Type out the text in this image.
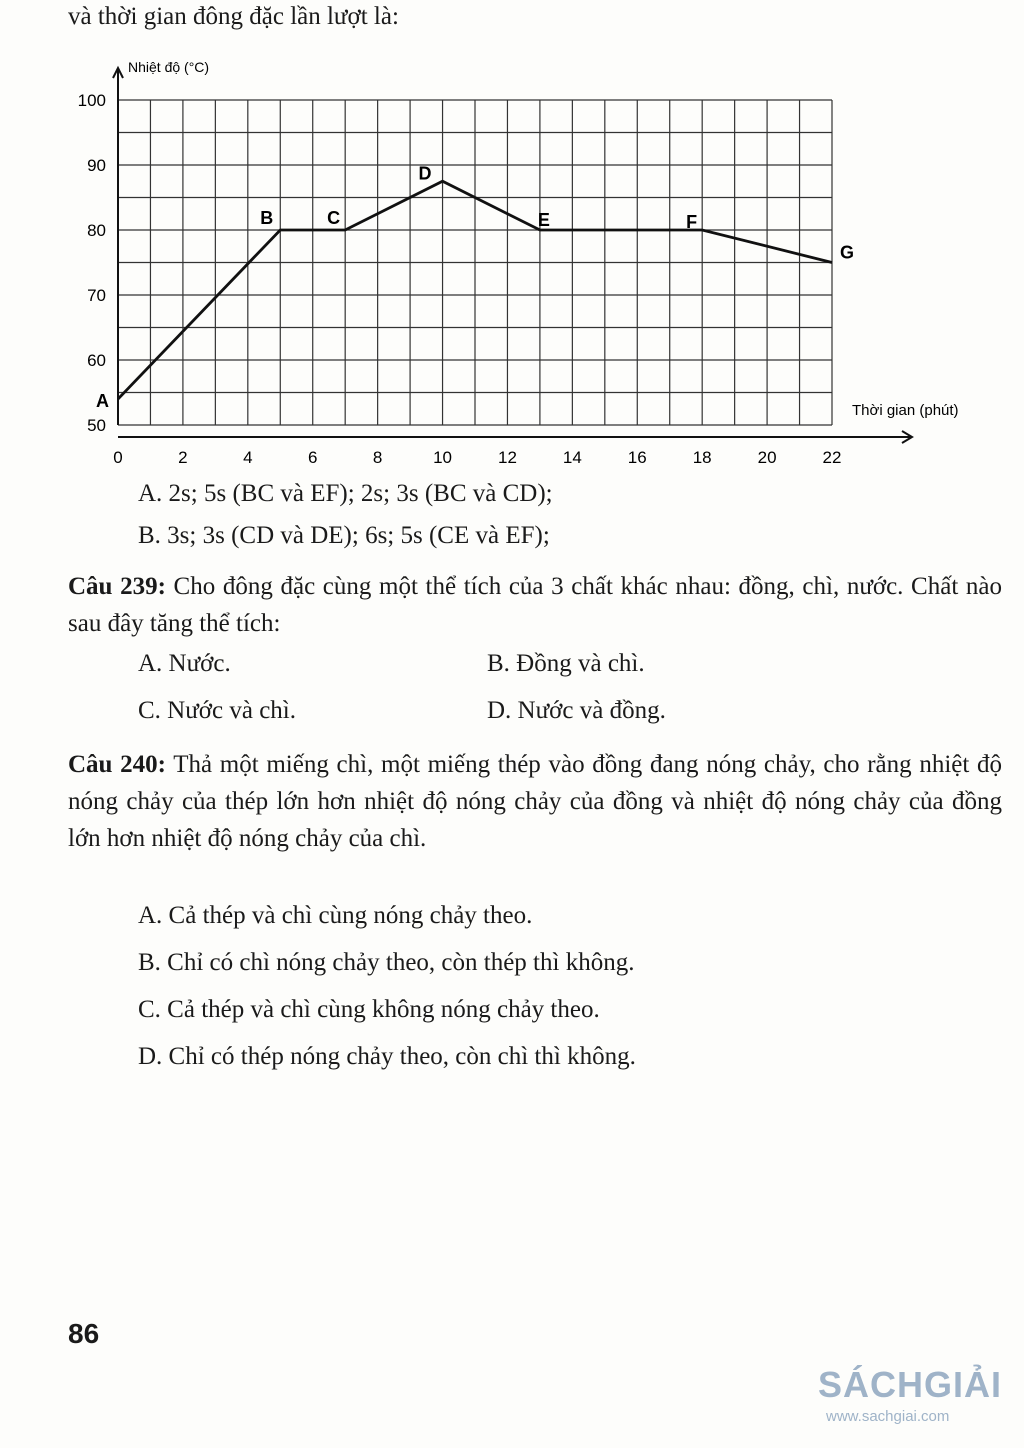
và thời gian đông đặc lần lượt là:
0	2	4	6	8	10	12	14	16	18	20	22
50
60
70
80
90
100
A
B	C
D
E	F
G
Nhiệt độ (°C)
Thời gian (phút)
A. 2s; 5s (BC và EF); 2s; 3s (BC và CD);
B. 3s; 3s (CD và DE); 6s; 5s (CE và EF);
Câu 239: Cho đông đặc cùng một thể tích của 3 chất khác nhau: đồng, chì, nước. Chất nào sau đây tăng thể tích:
A. Nước.	B. Đồng và chì.
C. Nước và chì.	D. Nước và đồng.
Câu 240: Thả một miếng chì, một miếng thép vào đồng đang nóng chảy, cho rằng nhiệt độ nóng chảy của thép lớn hơn nhiệt độ nóng chảy của đồng và nhiệt độ nóng chảy của đồng lớn hơn nhiệt độ nóng chảy của chì.
A. Cả thép và chì cùng nóng chảy theo.
B. Chỉ có chì nóng chảy theo, còn thép thì không.
C. Cả thép và chì cùng không nóng chảy theo.
D. Chỉ có thép nóng chảy theo, còn chì thì không.
86
SÁCHGIẢI
www.sachgiai.com
